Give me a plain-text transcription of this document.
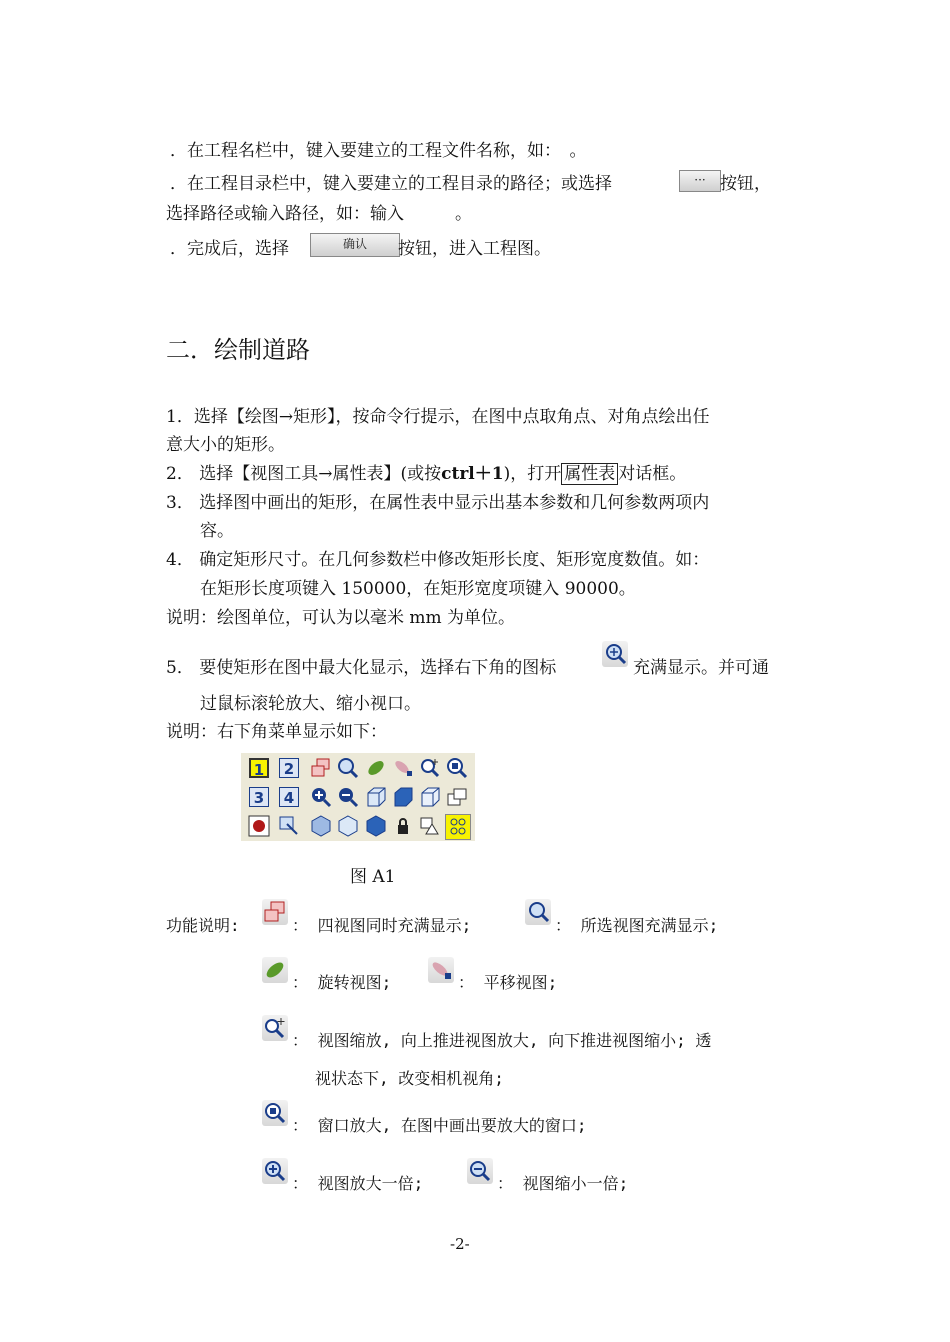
．在工程名栏中，键入要建立的工程文件名称，如：　。
．在工程目录栏中，键入要建立的工程目录的路径；或选择	··· 按钮，
选择路径或输入路径，如：输入　　　。
．完成后，选择	确认	按钮，进入工程图。
二．绘制道路
1．选择【绘图→矩形】，按命令行提示，在图中点取角点、对角点绘出任
意大小的矩形。
2． 选择【视图工具→属性表】(或按ctrl＋1)，打开 属性表 对话框。
3． 选择图中画出的矩形，在属性表中显示出基本参数和几何参数两项内
容。
4． 确定矩形尺寸。在几何参数栏中修改矩形长度、矩形宽度数值。如：
在矩形长度项键入 150000，在矩形宽度项键入 90000。
说明：绘图单位，可认为以毫米 mm 为单位。
5． 要使矩形在图中最大化显示，选择右下角的图标	充满显示。并可通
过鼠标滚轮放大、缩小视口。
说明：右下角菜单显示如下：
1	2
3	4
图 A1
功能说明:	： 四视图同时充满显示;	： 所选视图充满显示;
： 旋转视图;	： 平移视图;
： 视图缩放, 向上推进视图放大, 向下推进视图缩小; 透
视状态下, 改变相机视角;
： 窗口放大, 在图中画出要放大的窗口;
： 视图放大一倍;	： 视图缩小一倍;
-2-
